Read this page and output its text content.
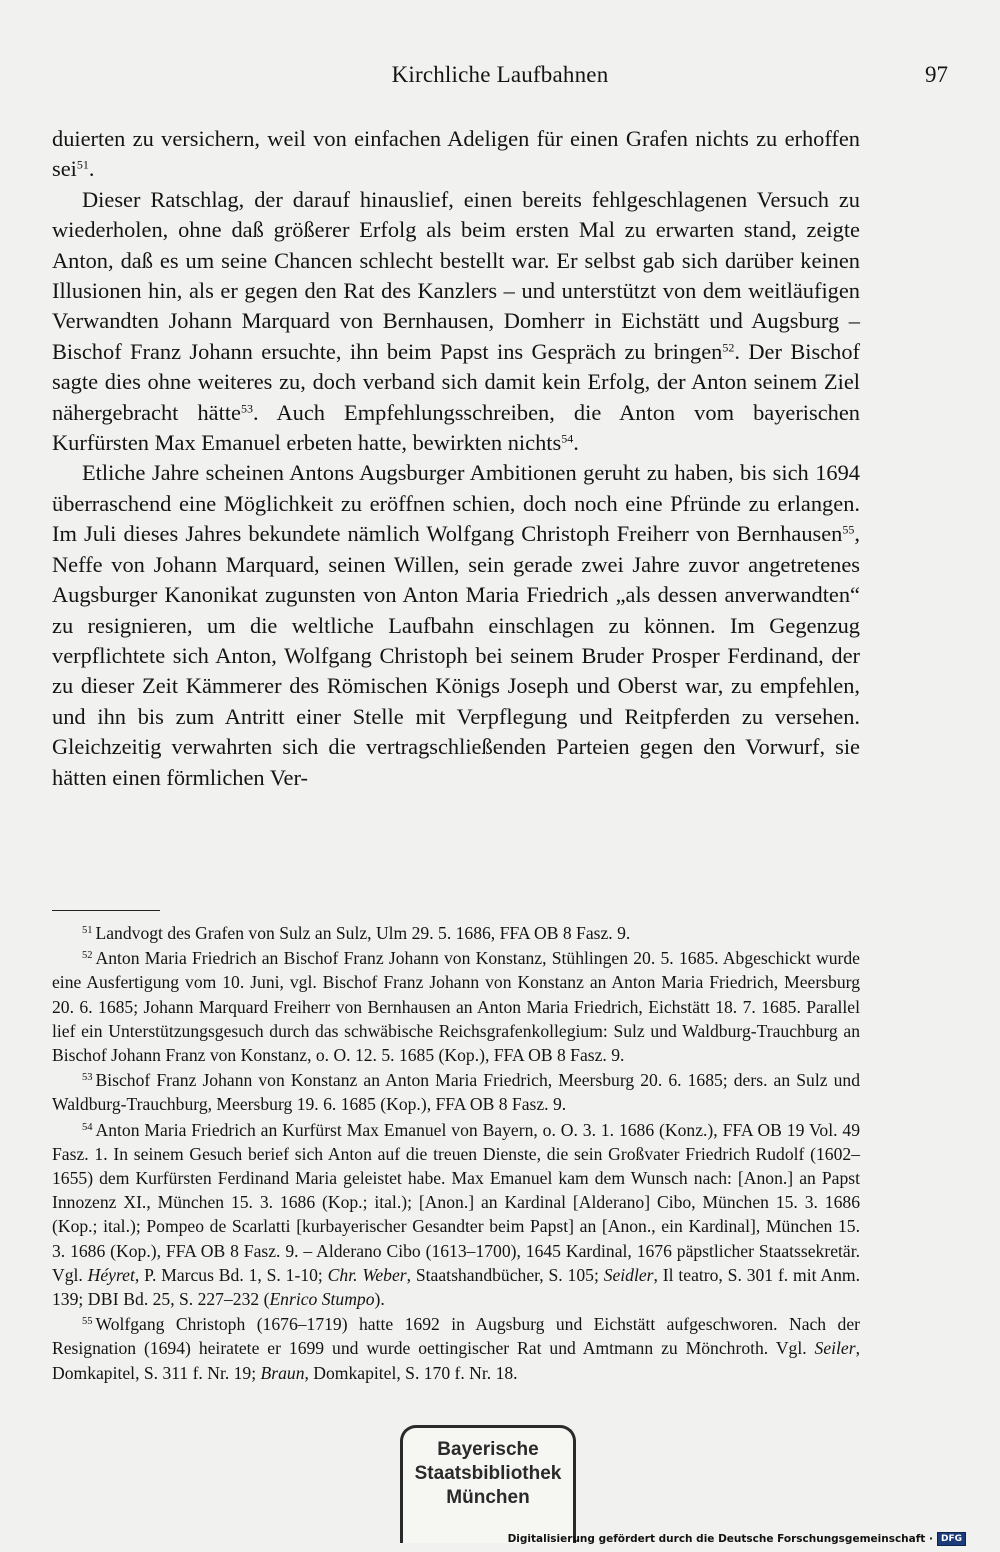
Kirchliche Laufbahnen	97

duierten zu versichern, weil von einfachen Adeligen für einen Grafen nichts zu erhoffen sei$^{51}$.

Dieser Ratschlag, der darauf hinauslief, einen bereits fehlgeschlagenen Versuch zu wiederholen, ohne daß größerer Erfolg als beim ersten Mal zu erwarten stand, zeigte Anton, daß es um seine Chancen schlecht bestellt war. Er selbst gab sich darüber keinen Illusionen hin, als er gegen den Rat des Kanzlers – und unterstützt von dem weitläufigen Verwandten Johann Marquard von Bernhausen, Domherr in Eichstätt und Augsburg – Bischof Franz Johann ersuchte, ihn beim Papst ins Gespräch zu bringen$^{52}$. Der Bischof sagte dies ohne weiteres zu, doch verband sich damit kein Erfolg, der Anton seinem Ziel nähergebracht hätte$^{53}$. Auch Empfehlungsschreiben, die Anton vom bayerischen Kurfürsten Max Emanuel erbeten hatte, bewirkten nichts$^{54}$.

Etliche Jahre scheinen Antons Augsburger Ambitionen geruht zu haben, bis sich 1694 überraschend eine Möglichkeit zu eröffnen schien, doch noch eine Pfründe zu erlangen. Im Juli dieses Jahres bekundete nämlich Wolfgang Christoph Freiherr von Bernhausen$^{55}$, Neffe von Johann Marquard, seinen Willen, sein gerade zwei Jahre zuvor angetretenes Augsburger Kanonikat zugunsten von Anton Maria Friedrich „als dessen anverwandten“ zu resignieren, um die weltliche Laufbahn einschlagen zu können. Im Gegenzug verpflichtete sich Anton, Wolfgang Christoph bei seinem Bruder Prosper Ferdinand, der zu dieser Zeit Kämmerer des Römischen Königs Joseph und Oberst war, zu empfehlen, und ihn bis zum Antritt einer Stelle mit Verpflegung und Reitpferden zu versehen. Gleichzeitig verwahrten sich die vertragschließenden Parteien gegen den Vorwurf, sie hätten einen förmlichen Ver-

$^{51}$ Landvogt des Grafen von Sulz an Sulz, Ulm 29. 5. 1686, FFA OB 8 Fasz. 9.

$^{52}$ Anton Maria Friedrich an Bischof Franz Johann von Konstanz, Stühlingen 20. 5. 1685. Abgeschickt wurde eine Ausfertigung vom 10. Juni, vgl. Bischof Franz Johann von Konstanz an Anton Maria Friedrich, Meersburg 20. 6. 1685; Johann Marquard Freiherr von Bernhausen an Anton Maria Friedrich, Eichstätt 18. 7. 1685. Parallel lief ein Unterstützungsgesuch durch das schwäbische Reichsgrafenkollegium: Sulz und Waldburg-Trauchburg an Bischof Johann Franz von Konstanz, o. O. 12. 5. 1685 (Kop.), FFA OB 8 Fasz. 9.

$^{53}$ Bischof Franz Johann von Konstanz an Anton Maria Friedrich, Meersburg 20. 6. 1685; ders. an Sulz und Waldburg-Trauchburg, Meersburg 19. 6. 1685 (Kop.), FFA OB 8 Fasz. 9.

$^{54}$ Anton Maria Friedrich an Kurfürst Max Emanuel von Bayern, o. O. 3. 1. 1686 (Konz.), FFA OB 19 Vol. 49 Fasz. 1. In seinem Gesuch berief sich Anton auf die treuen Dienste, die sein Großvater Friedrich Rudolf (1602–1655) dem Kurfürsten Ferdinand Maria geleistet habe. Max Emanuel kam dem Wunsch nach: [Anon.] an Papst Innozenz XI., München 15. 3. 1686 (Kop.; ital.); [Anon.] an Kardinal [Alderano] Cibo, München 15. 3. 1686 (Kop.; ital.); Pompeo de Scarlatti [kurbayerischer Gesandter beim Papst] an [Anon., ein Kardinal], München 15. 3. 1686 (Kop.), FFA OB 8 Fasz. 9. – Alderano Cibo (1613–1700), 1645 Kardinal, 1676 päpstlicher Staatssekretär. Vgl. Héyret, P. Marcus Bd. 1, S. 1-10; Chr. Weber, Staatshandbücher, S. 105; Seidler, Il teatro, S. 301 f. mit Anm. 139; DBI Bd. 25, S. 227–232 (Enrico Stumpo).

$^{55}$ Wolfgang Christoph (1676–1719) hatte 1692 in Augsburg und Eichstätt aufgeschworen. Nach der Resignation (1694) heiratete er 1699 und wurde oettingischer Rat und Amtmann zu Mönchroth. Vgl. Seiler, Domkapitel, S. 311 f. Nr. 19; Braun, Domkapitel, S. 170 f. Nr. 18.

Bayerische
Staatsbibliothek
München
Digitalisierung gefördert durch die Deutsche Forschungsgemeinschaft · DFG
